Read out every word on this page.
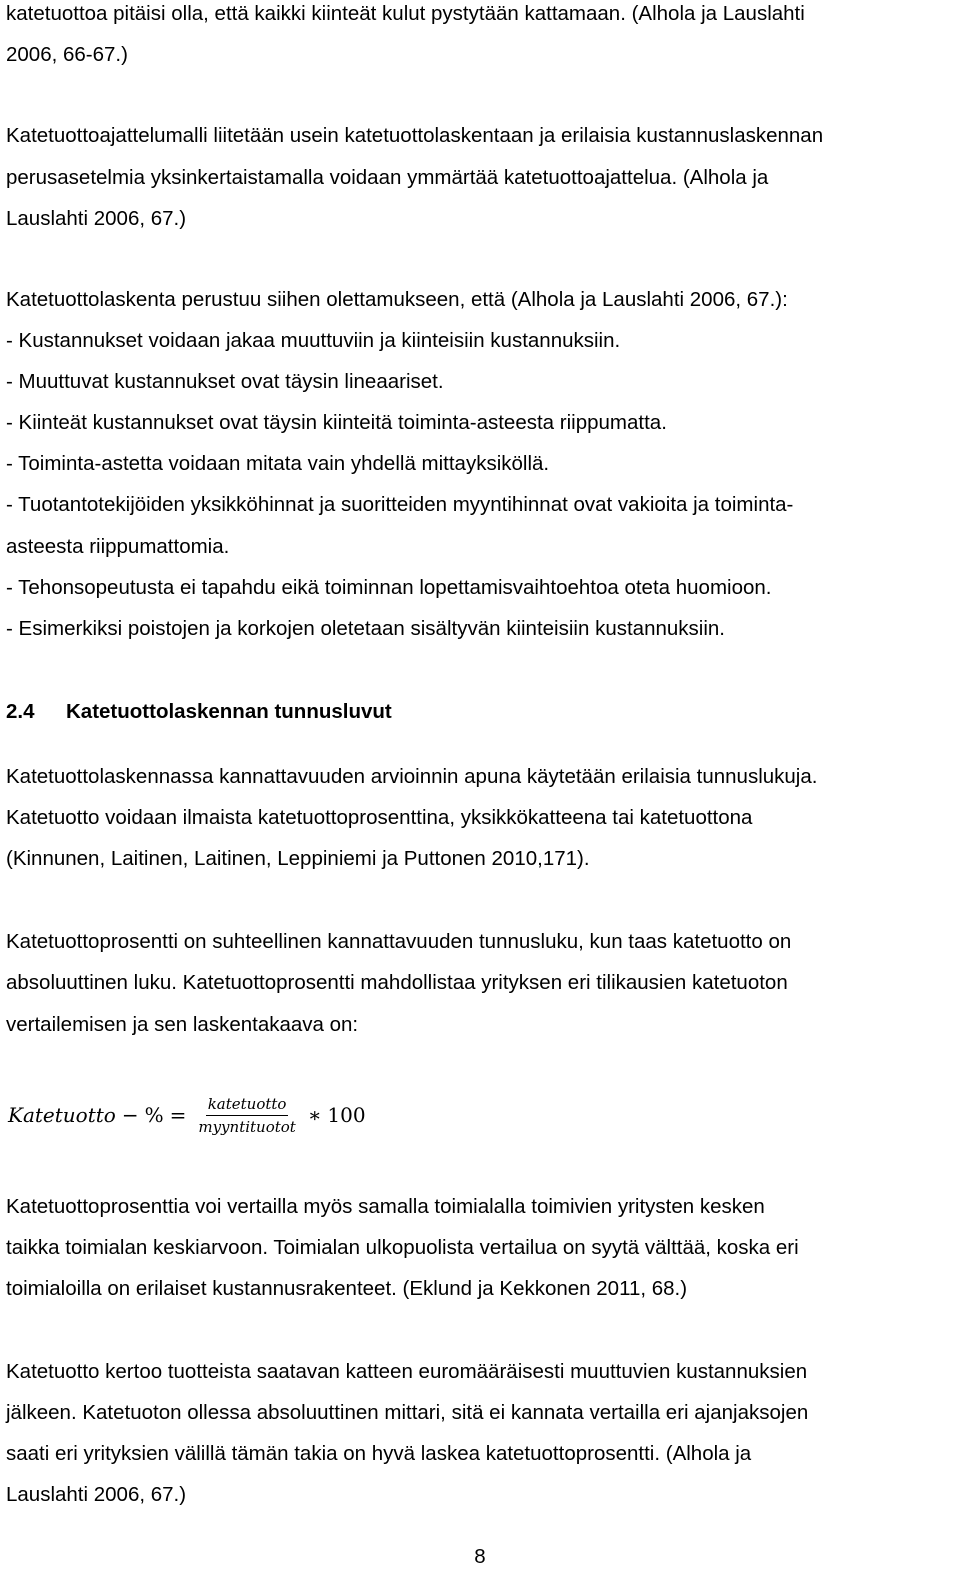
katetuottoa pitäisi olla, että kaikki kiinteät kulut pystytään kattamaan. (Alhola ja Lauslahti
2006, 66-67.)
Katetuottoajattelumalli liitetään usein katetuottolaskentaan ja erilaisia kustannuslaskennan
perusasetelmia yksinkertaistamalla voidaan ymmärtää katetuottoajattelua. (Alhola ja
Lauslahti 2006, 67.)
Katetuottolaskenta perustuu siihen olettamukseen, että (Alhola ja Lauslahti 2006, 67.):
- Kustannukset voidaan jakaa muuttuviin ja kiinteisiin kustannuksiin.
- Muuttuvat kustannukset ovat täysin lineaariset.
- Kiinteät kustannukset ovat täysin kiinteitä toiminta-asteesta riippumatta.
- Toiminta-astetta voidaan mitata vain yhdellä mittayksiköllä.
- Tuotantotekijöiden yksikköhinnat ja suoritteiden myyntihinnat ovat vakioita ja toiminta-
asteesta riippumattomia.
- Tehonsopeutusta ei tapahdu eikä toiminnan lopettamisvaihtoehtoa oteta huomioon.
- Esimerkiksi poistojen ja korkojen oletetaan sisältyvän kiinteisiin kustannuksiin.
2.4 Katetuottolaskennan tunnusluvut
Katetuottolaskennassa kannattavuuden arvioinnin apuna käytetään erilaisia tunnuslukuja.
Katetuotto voidaan ilmaista katetuottoprosenttina, yksikkökatteena tai katetuottona
(Kinnunen, Laitinen, Laitinen, Leppiniemi ja Puttonen 2010,171).
Katetuottoprosentti on suhteellinen kannattavuuden tunnusluku, kun taas katetuotto on
absoluuttinen luku. Katetuottoprosentti mahdollistaa yrityksen eri tilikausien katetuoton
vertailemisen ja sen laskentakaava on:
Katetuotto − % = $\frac{\text{katetuotto}}{\text{myyntituotot}}$ ∗ 100
Katetuottoprosenttia voi vertailla myös samalla toimialalla toimivien yritysten kesken
taikka toimialan keskiarvoon. Toimialan ulkopuolista vertailua on syytä välttää, koska eri
toimialoilla on erilaiset kustannusrakenteet. (Eklund ja Kekkonen 2011, 68.)
Katetuotto kertoo tuotteista saatavan katteen euromääräisesti muuttuvien kustannuksien
jälkeen. Katetuoton ollessa absoluuttinen mittari, sitä ei kannata vertailla eri ajanjaksojen
saati eri yrityksien välillä tämän takia on hyvä laskea katetuottoprosentti. (Alhola ja
Lauslahti 2006, 67.)
8
